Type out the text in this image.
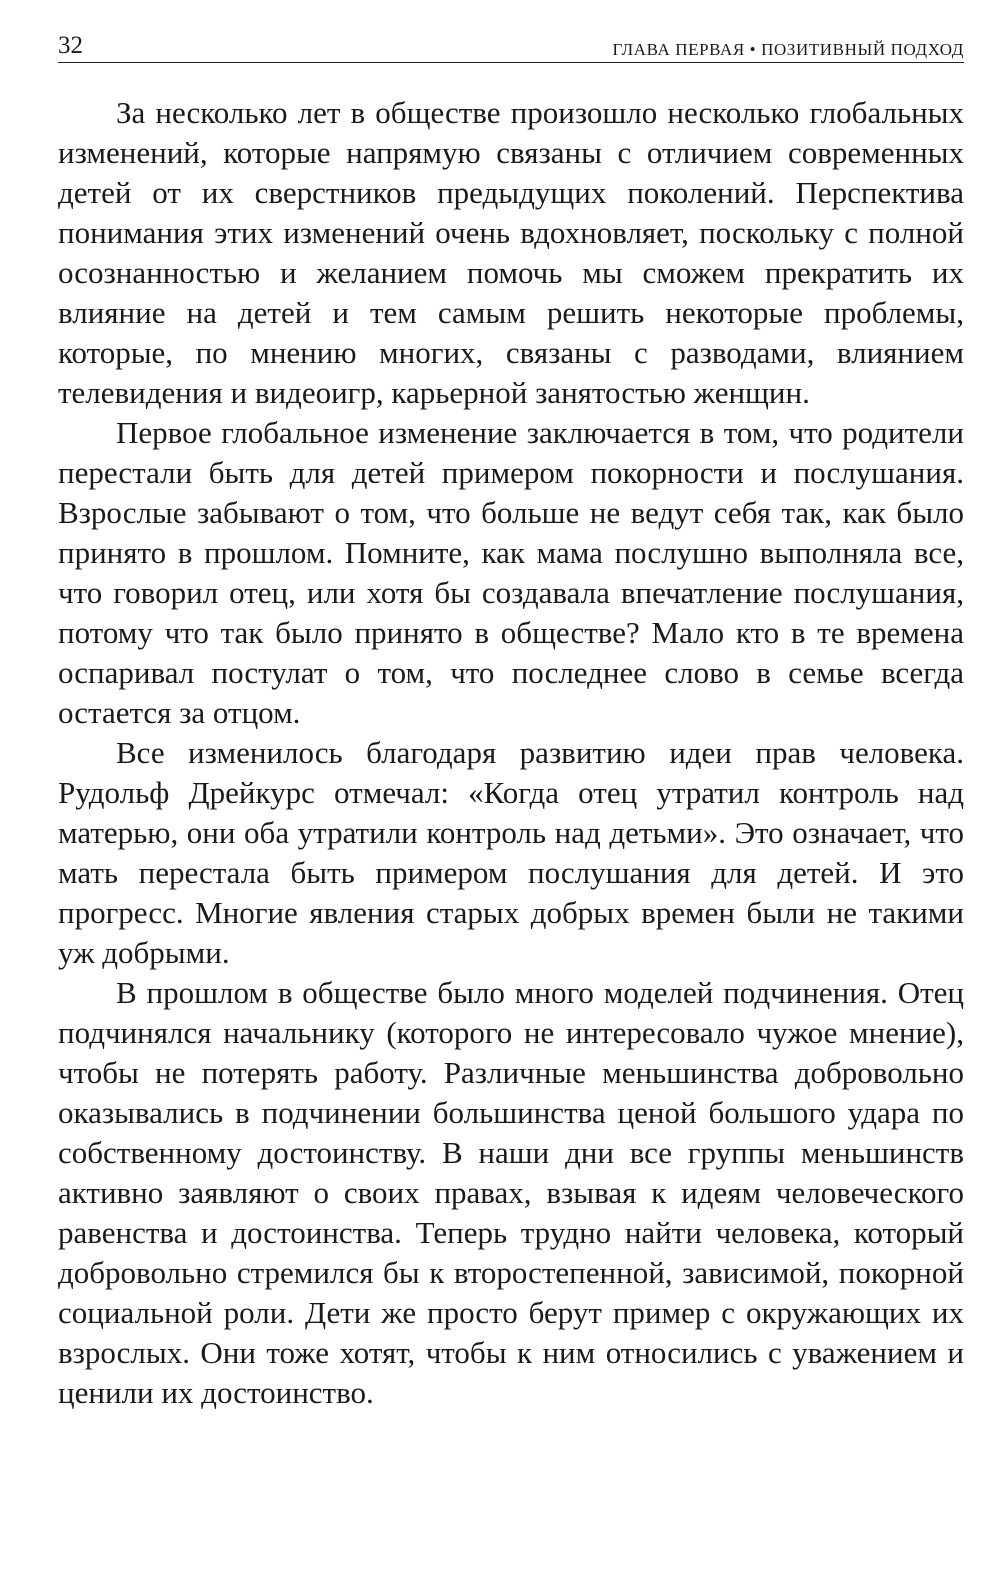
32	ГЛАВА ПЕРВАЯ • ПОЗИТИВНЫЙ ПОДХОД

За несколько лет в обществе произошло несколько глобальных изменений, которые напрямую связаны с отличием современных детей от их сверстников предыдущих поколений. Перспектива понимания этих изменений очень вдохновляет, поскольку с полной осознанностью и желанием помочь мы сможем прекратить их влияние на детей и тем самым решить некоторые проблемы, которые, по мнению многих, связаны с разводами, влиянием телевидения и видеоигр, карьерной занятостью женщин.

Первое глобальное изменение заключается в том, что родители перестали быть для детей примером покорности и послушания. Взрослые забывают о том, что больше не ведут себя так, как было принято в прошлом. Помните, как мама послушно выполняла все, что говорил отец, или хотя бы создавала впечатление послушания, потому что так было принято в обществе? Мало кто в те времена оспаривал постулат о том, что последнее слово в семье всегда остается за отцом.

Все изменилось благодаря развитию идеи прав человека. Рудольф Дрейкурс отмечал: «Когда отец утратил контроль над матерью, они оба утратили контроль над детьми». Это означает, что мать перестала быть примером послушания для детей. И это прогресс. Многие явления старых добрых времен были не такими уж добрыми.

В прошлом в обществе было много моделей подчинения. Отец подчинялся начальнику (которого не интересовало чужое мнение), чтобы не потерять работу. Различные меньшинства добровольно оказывались в подчинении большинства ценой большого удара по собственному достоинству. В наши дни все группы меньшинств активно заявляют о своих правах, взывая к идеям человеческого равенства и достоинства. Теперь трудно найти человека, который добровольно стремился бы к второстепенной, зависимой, покорной социальной роли. Дети же просто берут пример с окружающих их взрослых. Они тоже хотят, чтобы к ним относились с уважением и ценили их достоинство.
